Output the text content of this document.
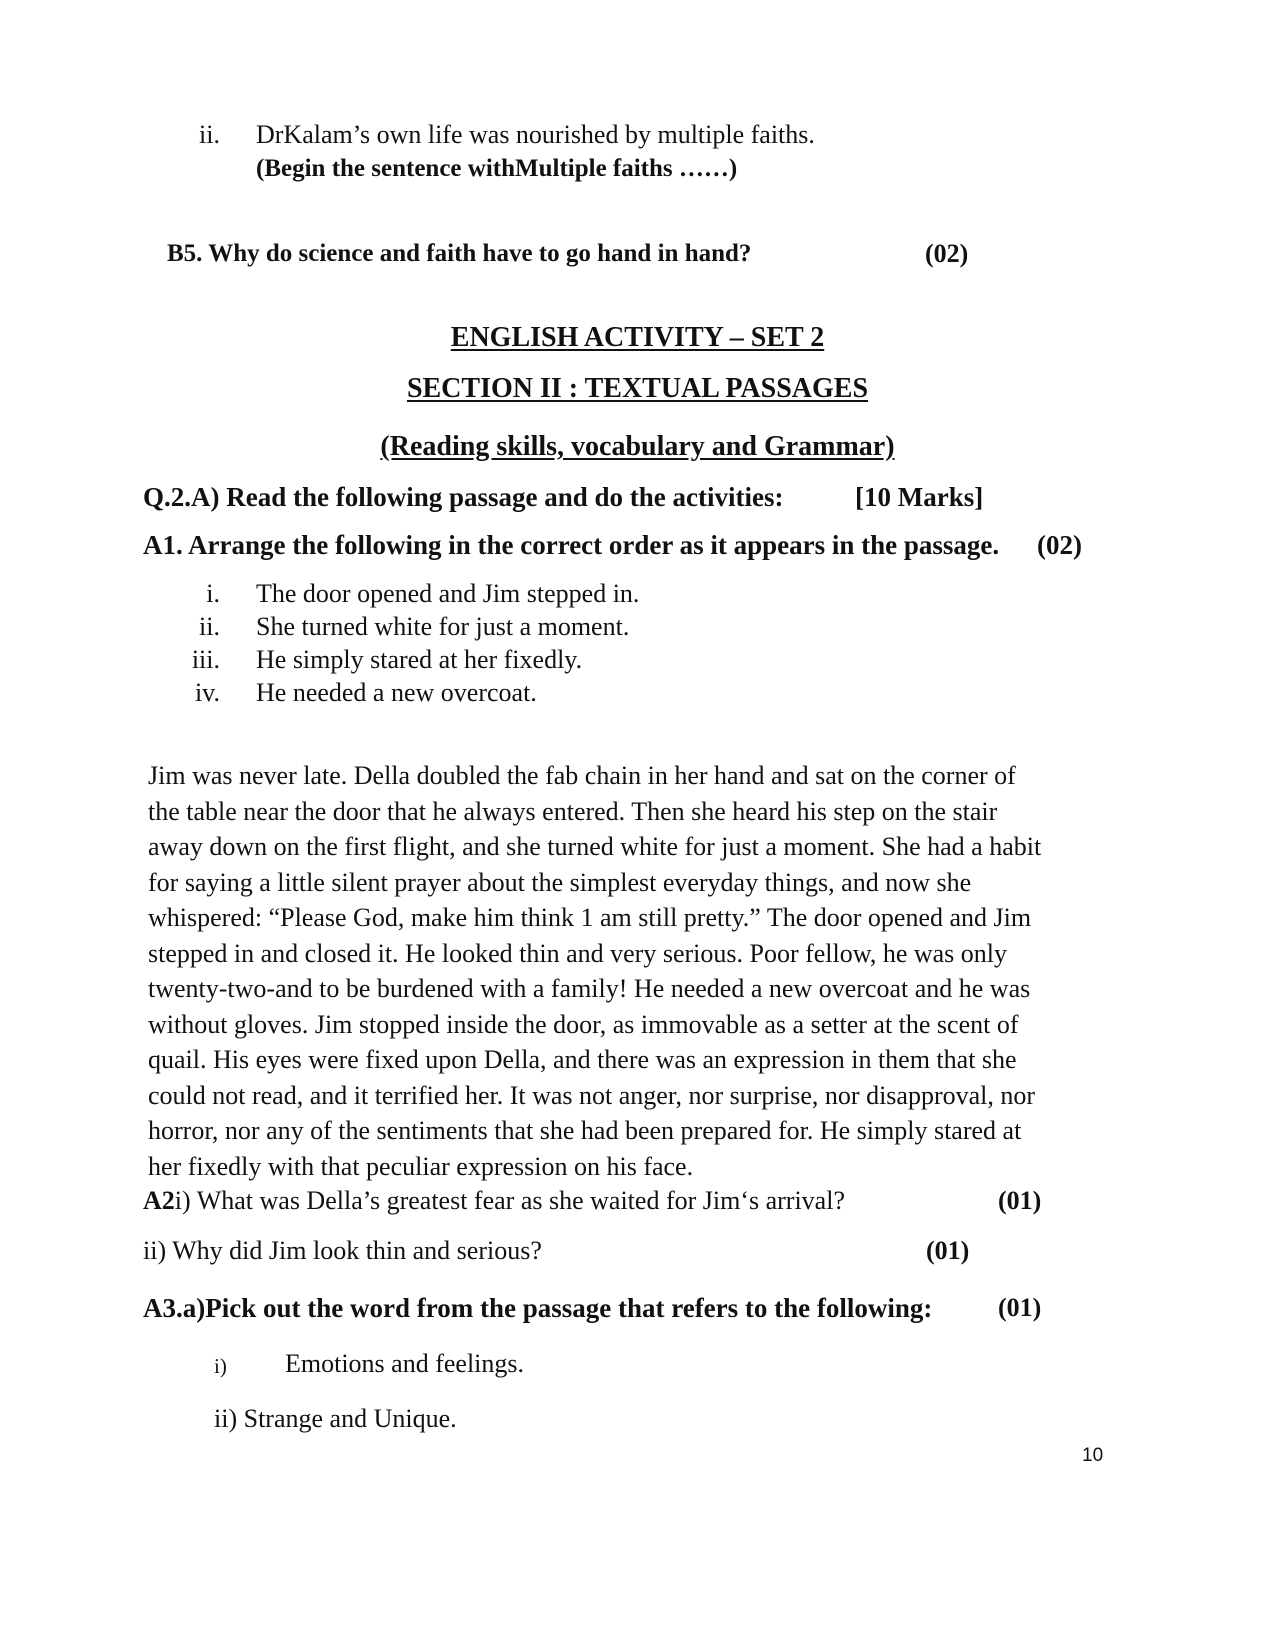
ii. DrKalam’s own life was nourished by multiple faiths.
(Begin the sentence withMultiple faiths ……)
B5. Why do science and faith have to go hand in hand?	(02)
ENGLISH ACTIVITY – SET 2
SECTION II : TEXTUAL PASSAGES
(Reading skills, vocabulary and Grammar)
Q.2.A) Read the following passage and do the activities:	[10 Marks]
A1. Arrange the following in the correct order as it appears in the passage. (02)
i. The door opened and Jim stepped in.
ii. She turned white for just a moment.
iii. He simply stared at her fixedly.
iv. He needed a new overcoat.
Jim was never late. Della doubled the fab chain in her hand and sat on the corner of
the table near the door that he always entered. Then she heard his step on the stair
away down on the first flight, and she turned white for just a moment. She had a habit
for saying a little silent prayer about the simplest everyday things, and now she
whispered: “Please God, make him think 1 am still pretty.” The door opened and Jim
stepped in and closed it. He looked thin and very serious. Poor fellow, he was only
twenty-two-and to be burdened with a family! He needed a new overcoat and he was
without gloves. Jim stopped inside the door, as immovable as a setter at the scent of
quail. His eyes were fixed upon Della, and there was an expression in them that she
could not read, and it terrified her. It was not anger, nor surprise, nor disapproval, nor
horror, nor any of the sentiments that she had been prepared for. He simply stared at
her fixedly with that peculiar expression on his face.
A2i) What was Della’s greatest fear as she waited for Jim‘s arrival?	(01)
ii) Why did Jim look thin and serious?	(01)
A3.a)Pick out the word from the passage that refers to the following:	(01)
i) Emotions and feelings.
ii) Strange and Unique.
10
